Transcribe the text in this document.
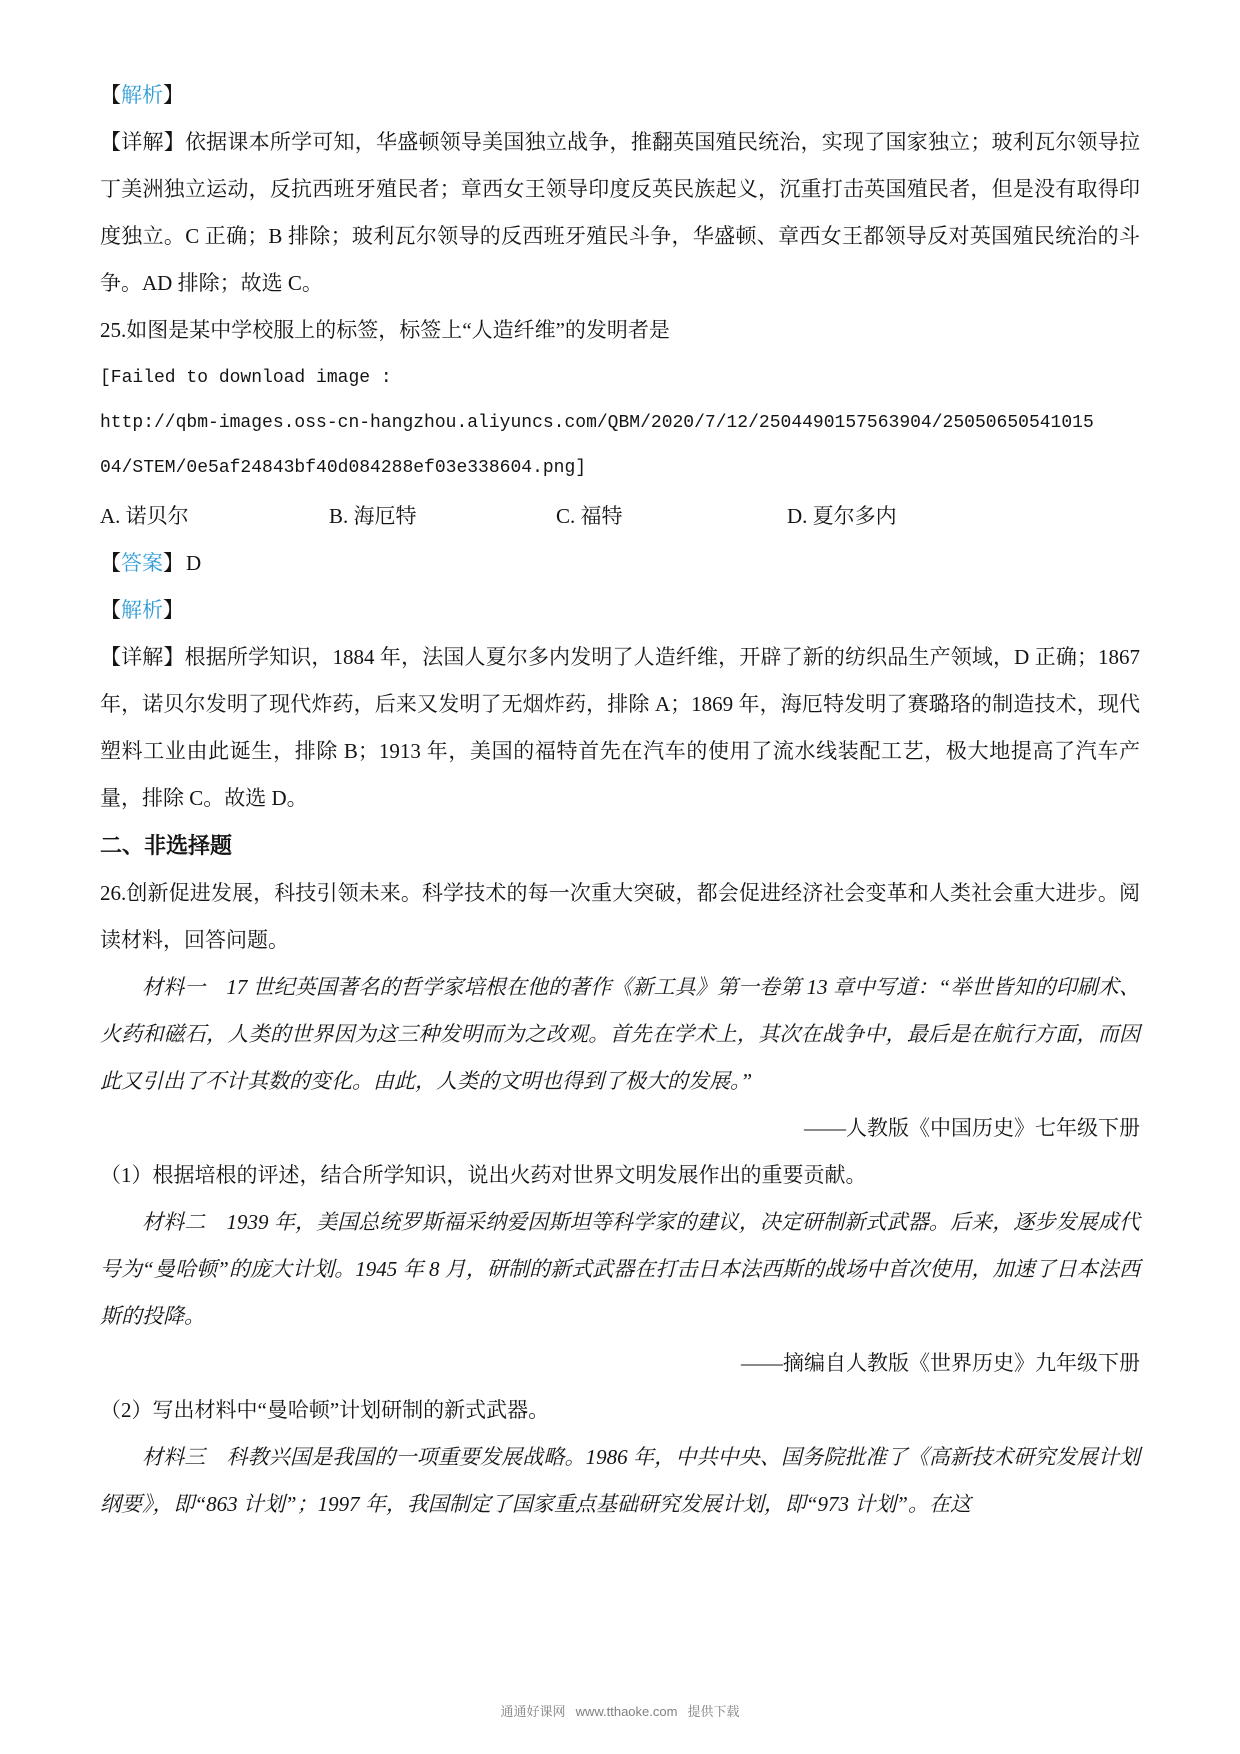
【解析】

【详解】依据课本所学可知，华盛顿领导美国独立战争，推翻英国殖民统治，实现了国家独立；玻利瓦尔领导拉丁美洲独立运动，反抗西班牙殖民者；章西女王领导印度反英民族起义，沉重打击英国殖民者，但是没有取得印度独立。C 正确；B 排除；玻利瓦尔领导的反西班牙殖民斗争，华盛顿、章西女王都领导反对英国殖民统治的斗争。AD 排除；故选 C。

25.如图是某中学校服上的标签，标签上“人造纤维”的发明者是

[Failed to download image :
http://qbm-images.oss-cn-hangzhou.aliyuncs.com/QBM/2020/7/12/2504490157563904/25050650541015
04/STEM/0e5af24843bf40d084288ef03e338604.png]
A. 诺贝尔	B. 海厄特	C. 福特	D. 夏尔多内

【答案】D

【解析】

【详解】根据所学知识，1884 年，法国人夏尔多内发明了人造纤维，开辟了新的纺织品生产领域，D 正确；1867 年，诺贝尔发明了现代炸药，后来又发明了无烟炸药，排除 A；1869 年，海厄特发明了赛璐珞的制造技术，现代塑料工业由此诞生，排除 B；1913 年，美国的福特首先在汽车的使用了流水线装配工艺，极大地提高了汽车产量，排除 C。故选 D。

二、非选择题

26.创新促进发展，科技引领未来。科学技术的每一次重大突破，都会促进经济社会变革和人类社会重大进步。阅读材料，回答问题。

材料一　17 世纪英国著名的哲学家培根在他的著作《新工具》第一卷第 13 章中写道：“举世皆知的印刷术、火药和磁石，人类的世界因为这三种发明而为之改观。首先在学术上，其次在战争中，最后是在航行方面，而因此又引出了不计其数的变化。由此，人类的文明也得到了极大的发展。”

——人教版《中国历史》七年级下册

（1）根据培根的评述，结合所学知识，说出火药对世界文明发展作出的重要贡献。

材料二　1939 年，美国总统罗斯福采纳爱因斯坦等科学家的建议，决定研制新式武器。后来，逐步发展成代号为“曼哈顿”的庞大计划。1945 年 8 月，研制的新式武器在打击日本法西斯的战场中首次使用，加速了日本法西斯的投降。

——摘编自人教版《世界历史》九年级下册

（2）写出材料中“曼哈顿”计划研制的新式武器。

材料三　科教兴国是我国的一项重要发展战略。1986 年，中共中央、国务院批准了《高新技术研究发展计划纲要》，即“863 计划”；1997 年，我国制定了国家重点基础研究发展计划，即“973 计划”。在这

通通好课网 www.tthaoke.com 提供下载
